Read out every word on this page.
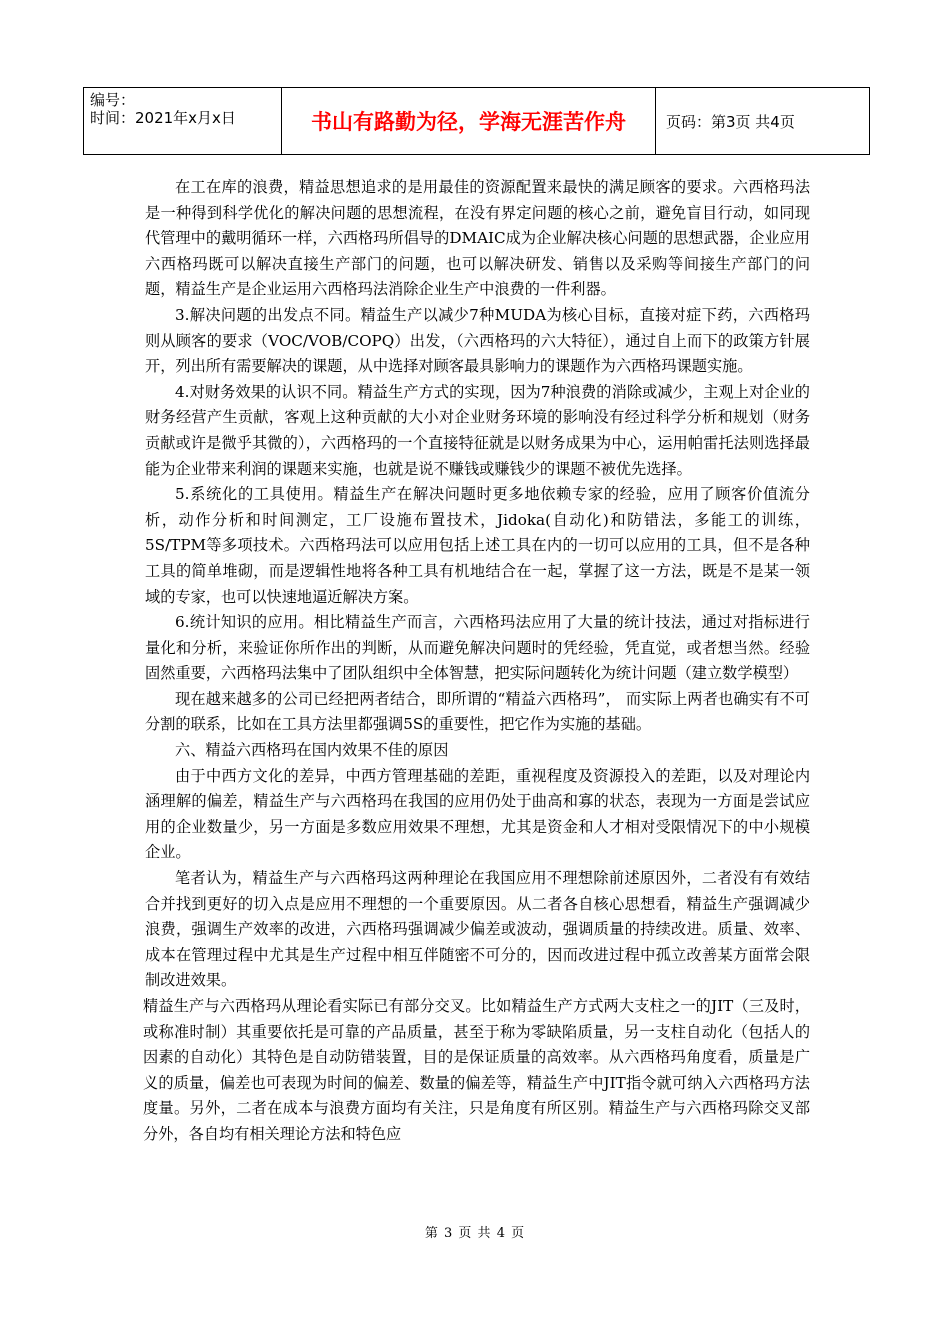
编号：
时间：2021年x月x日	书山有路勤为径，学海无涯苦作舟	页码：第3页 共4页

在工在库的浪费，精益思想追求的是用最佳的资源配置来最快的满足顾客的要求。六西格玛法是一种得到科学优化的解决问题的思想流程，在没有界定问题的核心之前，避免盲目行动，如同现代管理中的戴明循环一样，六西格玛所倡导的DMAIC成为企业解决核心问题的思想武器，企业应用六西格玛既可以解决直接生产部门的问题，也可以解决研发、销售以及采购等间接生产部门的问题，精益生产是企业运用六西格玛法消除企业生产中浪费的一件利器。

3.解决问题的出发点不同。精益生产以减少7种MUDA为核心目标，直接对症下药，六西格玛则从顾客的要求（VOC/VOB/COPQ）出发，（六西格玛的六大特征），通过自上而下的政策方针展开，列出所有需要解决的课题，从中选择对顾客最具影响力的课题作为六西格玛课题实施。

4.对财务效果的认识不同。精益生产方式的实现，因为7种浪费的消除或减少，主观上对企业的财务经营产生贡献，客观上这种贡献的大小对企业财务环境的影响没有经过科学分析和规划（财务贡献或许是微乎其微的），六西格玛的一个直接特征就是以财务成果为中心，运用帕雷托法则选择最能为企业带来利润的课题来实施，也就是说不赚钱或赚钱少的课题不被优先选择。

5.系统化的工具使用。精益生产在解决问题时更多地依赖专家的经验，应用了顾客价值流分析，动作分析和时间测定，工厂设施布置技术，Jidoka(自动化)和防错法，多能工的训练，5S/TPM等多项技术。六西格玛法可以应用包括上述工具在内的一切可以应用的工具，但不是各种工具的简单堆砌，而是逻辑性地将各种工具有机地结合在一起，掌握了这一方法，既是不是某一领域的专家，也可以快速地逼近解决方案。

6.统计知识的应用。相比精益生产而言，六西格玛法应用了大量的统计技法，通过对指标进行量化和分析，来验证你所作出的判断，从而避免解决问题时的凭经验，凭直觉，或者想当然。经验固然重要，六西格玛法集中了团队组织中全体智慧，把实际问题转化为统计问题（建立数学模型）

现在越来越多的公司已经把两者结合，即所谓的“精益六西格玛”， 而实际上两者也确实有不可分割的联系，比如在工具方法里都强调5S的重要性，把它作为实施的基础。

六、精益六西格玛在国内效果不佳的原因

由于中西方文化的差异，中西方管理基础的差距，重视程度及资源投入的差距，以及对理论内涵理解的偏差，精益生产与六西格玛在我国的应用仍处于曲高和寡的状态，表现为一方面是尝试应用的企业数量少，另一方面是多数应用效果不理想，尤其是资金和人才相对受限情况下的中小规模企业。

笔者认为，精益生产与六西格玛这两种理论在我国应用不理想除前述原因外，二者没有有效结合并找到更好的切入点是应用不理想的一个重要原因。从二者各自核心思想看，精益生产强调减少浪费，强调生产效率的改进，六西格玛强调减少偏差或波动，强调质量的持续改进。质量、效率、成本在管理过程中尤其是生产过程中相互伴随密不可分的，因而改进过程中孤立改善某方面常会限制改进效果。

精益生产与六西格玛从理论看实际已有部分交叉。比如精益生产方式两大支柱之一的JIT（三及时，或称准时制）其重要依托是可靠的产品质量，甚至于称为零缺陷质量，另一支柱自动化（包括人的因素的自动化）其特色是自动防错装置，目的是保证质量的高效率。从六西格玛角度看，质量是广义的质量，偏差也可表现为时间的偏差、数量的偏差等，精益生产中JIT指令就可纳入六西格玛方法度量。另外，二者在成本与浪费方面均有关注，只是角度有所区别。精益生产与六西格玛除交叉部分外，各自均有相关理论方法和特色应

第 3 页 共 4 页
